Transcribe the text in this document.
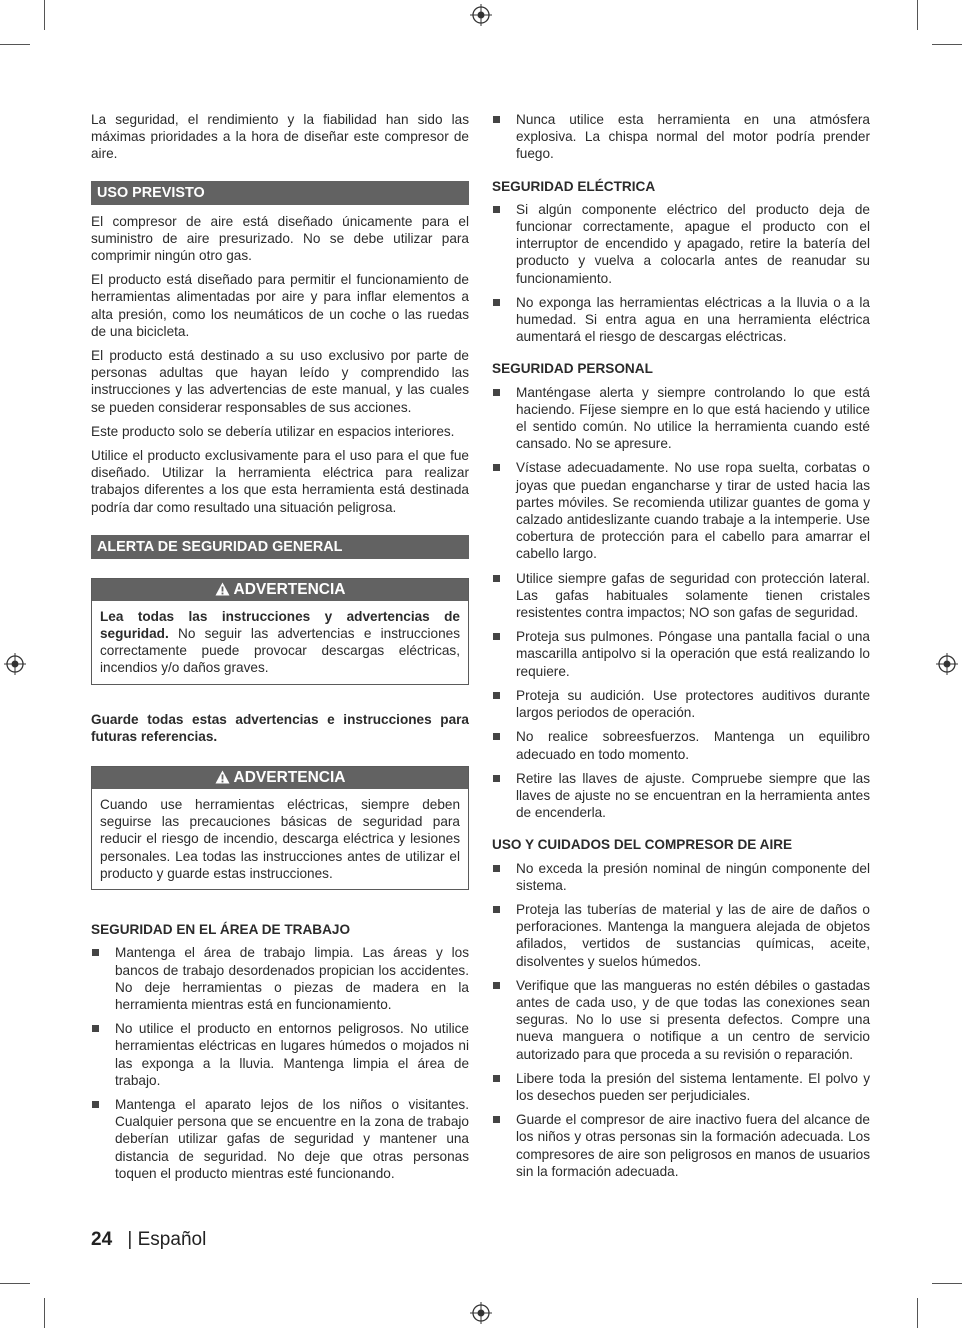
La seguridad, el rendimiento y la fiabilidad han sido las máximas prioridades a la hora de diseñar este compresor de aire.

USO PREVISTO

El compresor de aire está diseñado únicamente para el suministro de aire presurizado. No se debe utilizar para comprimir ningún otro gas.

El producto está diseñado para permitir el funcionamiento de herramientas alimentadas por aire y para inflar elementos a alta presión, como los neumáticos de un coche o las ruedas de una bicicleta.

El producto está destinado a su uso exclusivo por parte de personas adultas que hayan leído y comprendido las instrucciones y las advertencias de este manual, y las cuales se pueden considerar responsables de sus acciones.

Este producto solo se debería utilizar en espacios interiores.

Utilice el producto exclusivamente para el uso para el que fue diseñado. Utilizar la herramienta eléctrica para realizar trabajos diferentes a los que esta herramienta está destinada podría dar como resultado una situación peligrosa.

ALERTA DE SEGURIDAD GENERAL
ADVERTENCIA
Lea todas las instrucciones y advertencias de seguridad. No seguir las advertencias e instrucciones correctamente puede provocar descargas eléctricas, incendios y/o daños graves.

Guarde todas estas advertencias e instrucciones para futuras referencias.

ADVERTENCIA
Cuando use herramientas eléctricas, siempre deben seguirse las precauciones básicas de seguridad para reducir el riesgo de incendio, descarga eléctrica y lesiones personales. Lea todas las instrucciones antes de utilizar el producto y guarde estas instrucciones.
SEGURIDAD EN EL ÁREA DE TRABAJO
Mantenga el área de trabajo limpia. Las áreas y los bancos de trabajo desordenados propician los accidentes. No deje herramientas o piezas de madera en la herramienta mientras está en funcionamiento.
No utilice el producto en entornos peligrosos. No utilice herramientas eléctricas en lugares húmedos o mojados ni las exponga a la lluvia. Mantenga limpia el área de trabajo.
Mantenga el aparato lejos de los niños o visitantes. Cualquier persona que se encuentre en la zona de trabajo deberían utilizar gafas de seguridad y mantener una distancia de seguridad. No deje que otras personas toquen el producto mientras esté funcionando.
Nunca utilice esta herramienta en una atmósfera explosiva. La chispa normal del motor podría prender fuego.
SEGURIDAD ELÉCTRICA
Si algún componente eléctrico del producto deja de funcionar correctamente, apague el producto con el interruptor de encendido y apagado, retire la batería del producto y vuelva a colocarla antes de reanudar su funcionamiento.
No exponga las herramientas eléctricas a la lluvia o a la humedad. Si entra agua en una herramienta eléctrica aumentará el riesgo de descargas eléctricas.
SEGURIDAD PERSONAL
Manténgase alerta y siempre controlando lo que está haciendo. Fíjese siempre en lo que está haciendo y utilice el sentido común. No utilice la herramienta cuando esté cansado. No se apresure.
Vístase adecuadamente. No use ropa suelta, corbatas o joyas que puedan engancharse y tirar de usted hacia las partes móviles. Se recomienda utilizar guantes de goma y calzado antideslizante cuando trabaje a la intemperie. Use cobertura de protección para el cabello para amarrar el cabello largo.
Utilice siempre gafas de seguridad con protección lateral. Las gafas habituales solamente tienen cristales resistentes contra impactos; NO son gafas de seguridad.
Proteja sus pulmones. Póngase una pantalla facial o una mascarilla antipolvo si la operación que está realizando lo requiere.
Proteja su audición. Use protectores auditivos durante largos periodos de operación.
No realice sobreesfuerzos. Mantenga un equilibro adecuado en todo momento.
Retire las llaves de ajuste. Compruebe siempre que las llaves de ajuste no se encuentran en la herramienta antes de encenderla.
USO Y CUIDADOS DEL COMPRESOR DE AIRE
No exceda la presión nominal de ningún componente del sistema.
Proteja las tuberías de material y las de aire de daños o perforaciones. Mantenga la manguera alejada de objetos afilados, vertidos de sustancias químicas, aceite, disolventes y suelos húmedos.
Verifique que las mangueras no estén débiles o gastadas antes de cada uso, y de que todas las conexiones sean seguras. No lo use si presenta defectos. Compre una nueva manguera o notifique a un centro de servicio autorizado para que proceda a su revisión o reparación.
Libere toda la presión del sistema lentamente. El polvo y los desechos pueden ser perjudiciales.
Guarde el compresor de aire inactivo fuera del alcance de los niños y otras personas sin la formación adecuada. Los compresores de aire son peligrosos en manos de usuarios sin la formación adecuada.
24 | Español
